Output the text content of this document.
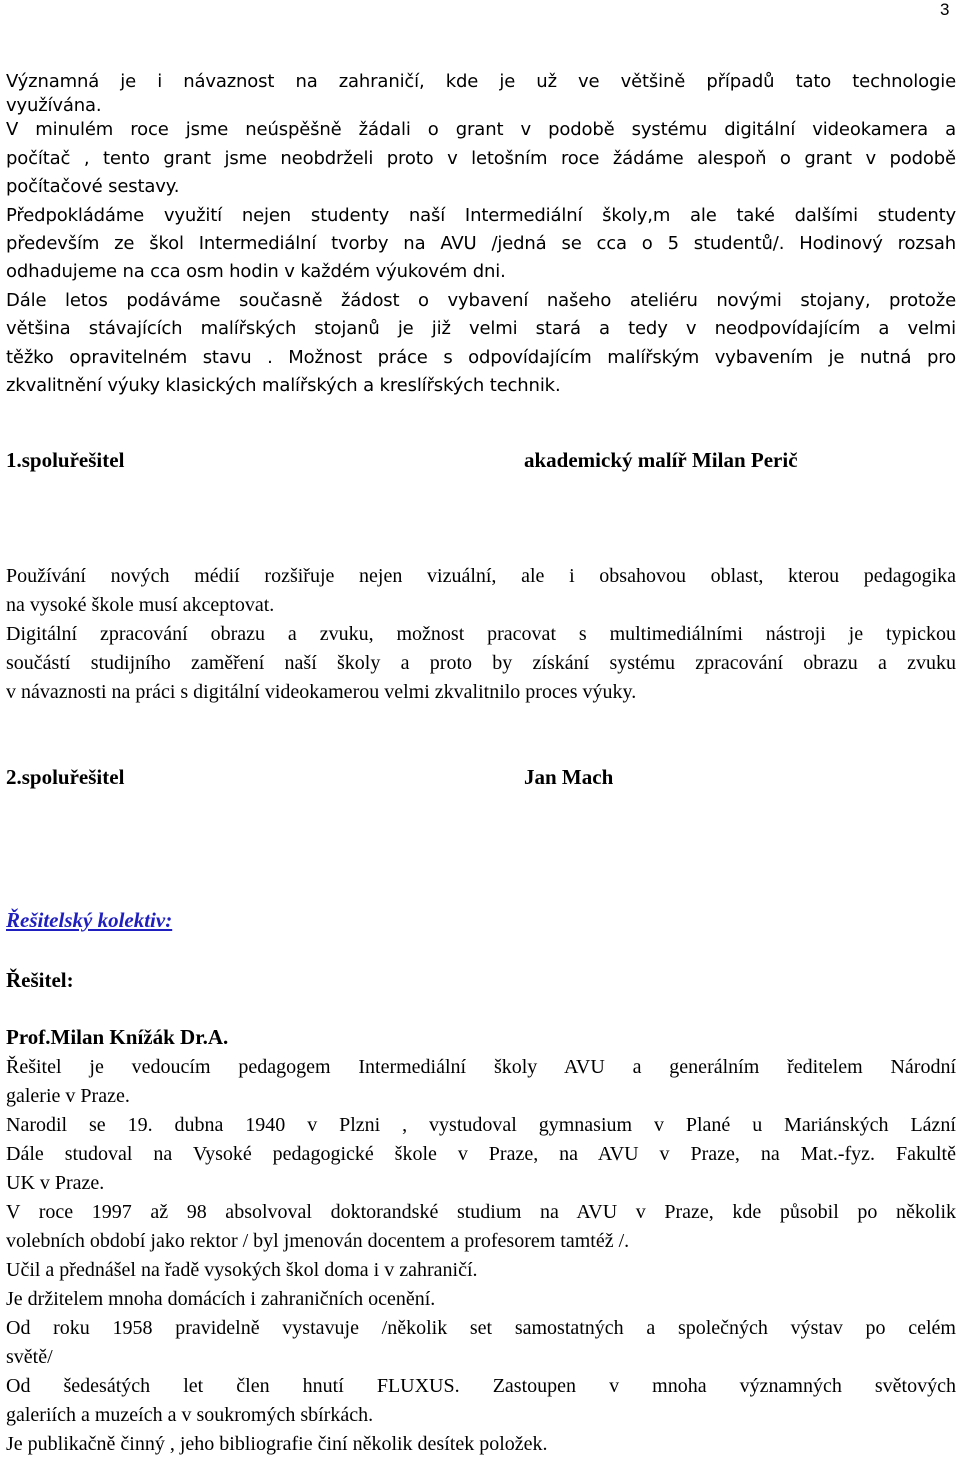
3
Významná je i návaznost na zahraničí, kde je už ve většině případů tato technologie
využívána.
V minulém roce jsme neúspěšně žádali o grant v podobě systému digitální videokamera a
počítač , tento grant jsme neobdrželi proto v letošním roce žádáme alespoň o grant v podobě
počítačové sestavy.
Předpokládáme využití nejen studenty naší Intermediální školy,m ale také dalšími studenty
především ze škol Intermediální tvorby na AVU /jedná se cca o 5 studentů/. Hodinový rozsah
odhadujeme na cca osm hodin v každém výukovém dni.
Dále letos podáváme současně žádost o vybavení našeho ateliéru novými stojany, protože
většina stávajících malířských stojanů je již velmi stará a tedy v neodpovídajícím a velmi
těžko opravitelném stavu . Možnost práce s odpovídajícím malířským vybavením je nutná pro
zkvalitnění výuky klasických malířských a kreslířských technik.
1.spoluřešitel	akademický malíř Milan Perič
Používání nových médií rozšiřuje nejen vizuální, ale i obsahovou oblast, kterou pedagogika
na vysoké škole musí akceptovat.
Digitální zpracování obrazu a zvuku, možnost pracovat s multimediálními nástroji je typickou
součástí studijního zaměření naší školy a proto by získání systému zpracování obrazu a zvuku
v návaznosti na práci s digitální videokamerou velmi zkvalitnilo proces výuky.
2.spoluřešitel	Jan Mach
Řešitelský kolektiv:
Řešitel:
Prof.Milan Knížák Dr.A.
Řešitel je vedoucím pedagogem Intermediální školy AVU a generálním ředitelem Národní
galerie v Praze.
Narodil se 19. dubna 1940 v Plzni , vystudoval gymnasium v Plané u Mariánských Lázní
Dále studoval na Vysoké pedagogické škole v Praze, na AVU v Praze, na Mat.-fyz. Fakultě
UK v Praze.
V roce 1997 až 98 absolvoval doktorandské studium na AVU v Praze, kde působil po několik
volebních období jako rektor / byl jmenován docentem a profesorem tamtéž /.
Učil a přednášel na řadě vysokých škol doma i v zahraničí.
Je držitelem mnoha domácích i zahraničních ocenění.
Od roku 1958 pravidelně vystavuje /několik set samostatných a společných výstav po celém
světě/
Od šedesátých let člen hnutí FLUXUS. Zastoupen v mnoha významných světových
galeriích a muzeích a v soukromých sbírkách.
Je publikačně činný , jeho bibliografie činí několik desítek položek.
